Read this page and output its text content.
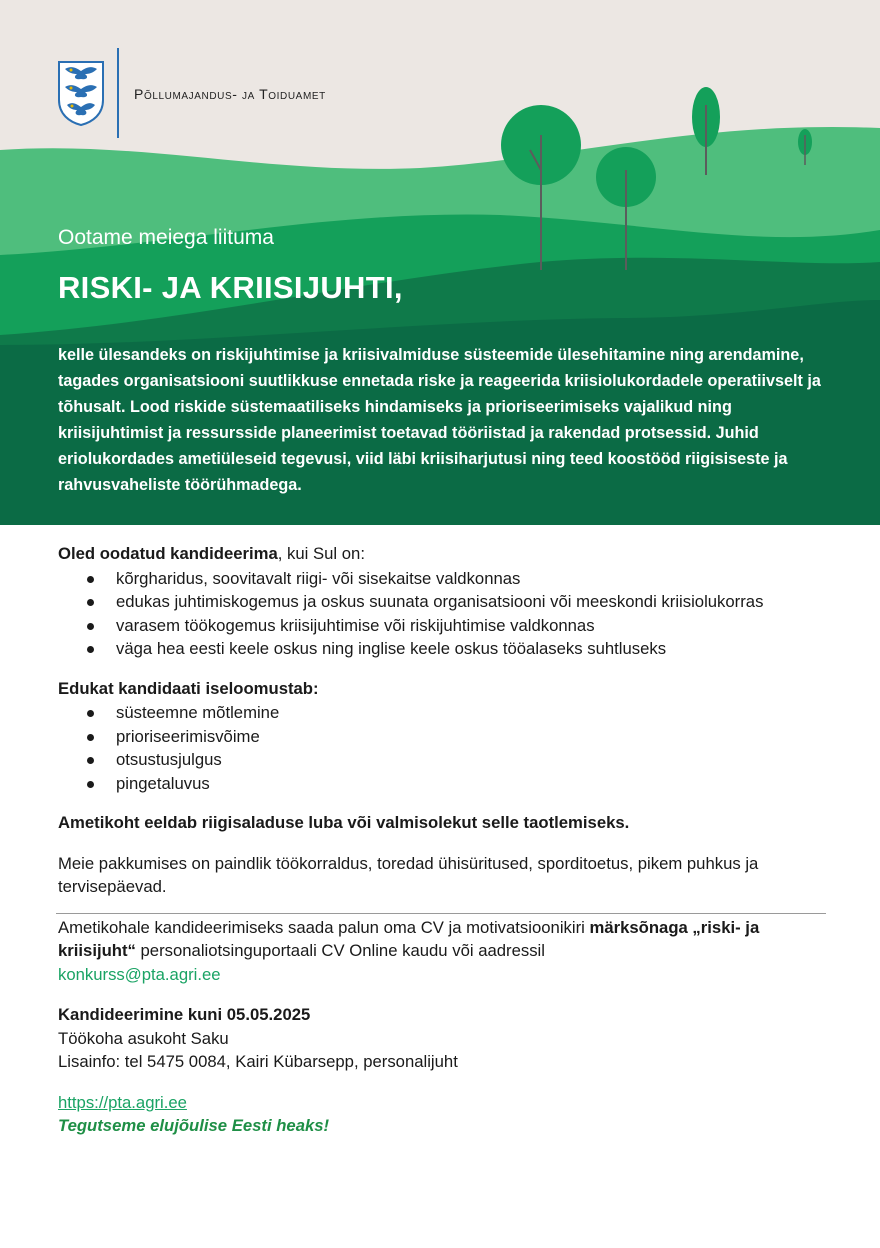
Põllumajandus- ja Toiduamet
Ootame meiega liituma
RISKI- JA KRIISIJUHTI,
kelle ülesandeks on riskijuhtimise ja kriisivalmiduse süsteemide ülesehitamine ning arendamine, tagades organisatsiooni suutlikkuse ennetada riske ja reageerida kriisiolukordadele operatiivselt ja tõhusalt. Lood riskide süstemaatiliseks hindamiseks ja prioriseerimiseks vajalikud ning kriisijuhtimist ja ressursside planeerimist toetavad tööriistad ja rakendad protsessid. Juhid eriolukordades ametiüleseid tegevusi, viid läbi kriisiharjutusi ning teed koostööd riigisiseste ja rahvusvaheliste töörühmadega.

Oled oodatud kandideerima, kui Sul on:

kõrgharidus, soovitavalt riigi- või sisekaitse valdkonnas
edukas juhtimiskogemus ja oskus suunata organisatsiooni või meeskondi kriisiolukorras
varasem töökogemus kriisijuhtimise või riskijuhtimise valdkonnas
väga hea eesti keele oskus ning inglise keele oskus tööalaseks suhtluseks

Edukat kandidaati iseloomustab:

süsteemne mõtlemine
prioriseerimisvõime
otsustusjulgus
pingetaluvus

Ametikoht eeldab riigisaladuse luba või valmisolekut selle taotlemiseks.

Meie pakkumises on paindlik töökorraldus, toredad ühisüritused, sporditoetus, pikem puhkus ja tervisepäevad.

Ametikohale kandideerimiseks saada palun oma CV ja motivatsioonikiri märksõnaga „riski- ja kriisijuht“ personaliotsinguportaali CV Online kaudu või aadressil
konkurss@pta.agri.ee

Kandideerimine kuni 05.05.2025

Töökoha asukoht Saku

Lisainfo: tel 5475 0084, Kairi Kübarsepp, personalijuht

https://pta.agri.ee

Tegutseme elujõulise Eesti heaks!
